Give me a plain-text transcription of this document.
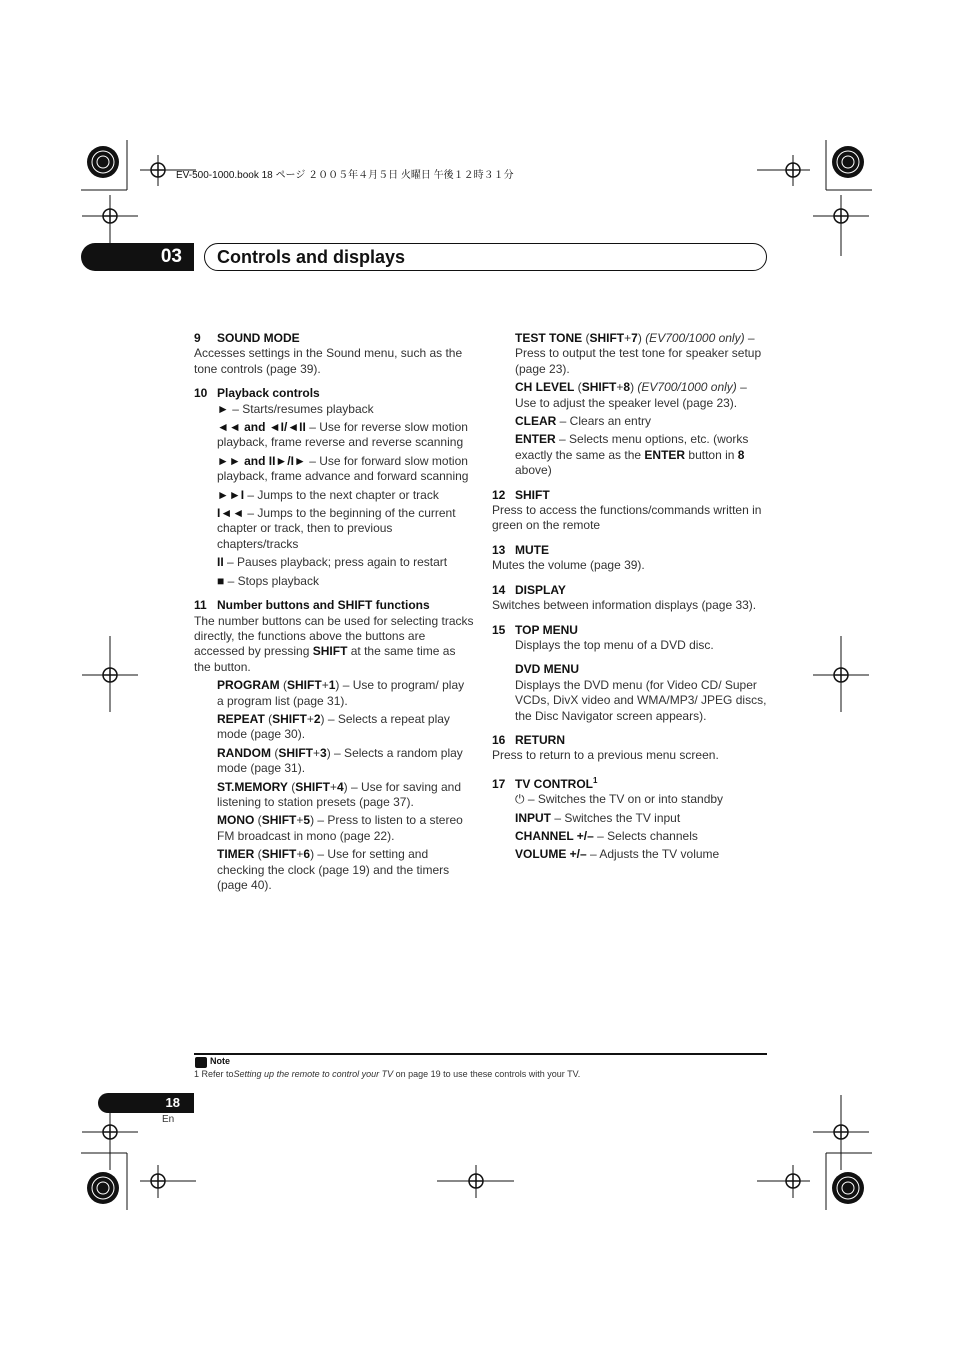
EV-500-1000.book 18 ページ ２００５年４月５日 火曜日 午後１２時３１分
03	Controls and displays

9 SOUND MODE

Accesses settings in the Sound menu, such as the tone controls (page 39).

10 Playback controls

► – Starts/resumes playback

◄◄ and ◄I/◄II – Use for reverse slow motion playback, frame reverse and reverse scanning

►► and II►/I► – Use for forward slow motion playback, frame advance and forward scanning

►►I – Jumps to the next chapter or track

I◄◄ – Jumps to the beginning of the current chapter or track, then to previous chapters/tracks

II – Pauses playback; press again to restart

■ – Stops playback

11 Number buttons and SHIFT functions

The number buttons can be used for selecting tracks directly, the functions above the buttons are accessed by pressing SHIFT at the same time as the button.

PROGRAM (SHIFT+1) – Use to program/ play a program list (page 31).

REPEAT (SHIFT+2) – Selects a repeat play mode (page 30).

RANDOM (SHIFT+3) – Selects a random play mode (page 31).

ST.MEMORY (SHIFT+4) – Use for saving and listening to station presets (page 37).

MONO (SHIFT+5) – Press to listen to a stereo FM broadcast in mono (page 22).

TIMER (SHIFT+6) – Use for setting and checking the clock (page 19) and the timers (page 40).

TEST TONE (SHIFT+7) (EV700/1000 only) – Press to output the test tone for speaker setup (page 23).

CH LEVEL (SHIFT+8) (EV700/1000 only) – Use to adjust the speaker level (page 23).

CLEAR – Clears an entry

ENTER – Selects menu options, etc. (works exactly the same as the ENTER button in 8 above)

12 SHIFT

Press to access the functions/commands written in green on the remote

13 MUTE

Mutes the volume (page 39).

14 DISPLAY

Switches between information displays (page 33).

15 TOP MENU

Displays the top menu of a DVD disc.

DVD MENU

Displays the DVD menu (for Video CD/ Super VCDs, DivX video and WMA/MP3/ JPEG discs, the Disc Navigator screen appears).

16 RETURN

Press to return to a previous menu screen.

17 TV CONTROL$^1$

⏻ – Switches the TV on or into standby

INPUT – Switches the TV input

CHANNEL +/– – Selects channels

VOLUME +/– – Adjusts the TV volume

Note
1 Refer toSetting up the remote to control your TV on page 19 to use these controls with your TV.
18
En
